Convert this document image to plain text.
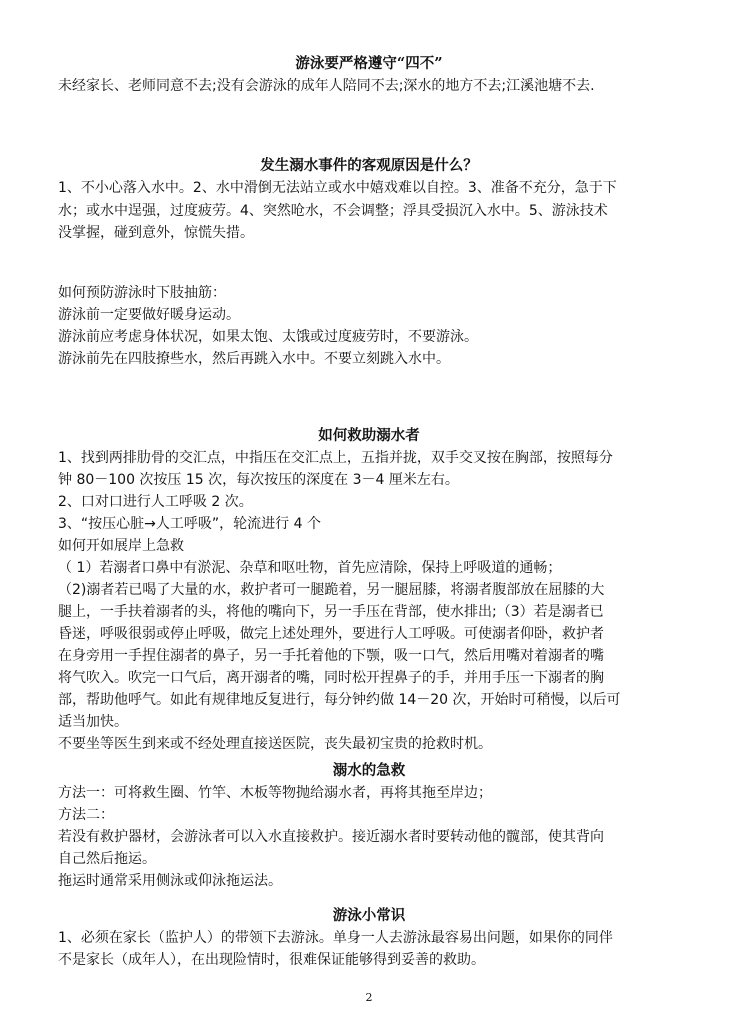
游泳要严格遵守“四不”
未经家长、老师同意不去;没有会游泳的成年人陪同不去;深水的地方不去;江溪池塘不去.
发生溺水事件的客观原因是什么？
1、不小心落入水中。2、水中滑倒无法站立或水中嬉戏难以自控。3、准备不充分，急于下
水；或水中逞强，过度疲劳。4、突然呛水，不会调整；浮具受损沉入水中。5、游泳技术
没掌握，碰到意外，惊慌失措。
如何预防游泳时下肢抽筋：
游泳前一定要做好暖身运动。
游泳前应考虑身体状况，如果太饱、太饿或过度疲劳时，不要游泳。
游泳前先在四肢撩些水，然后再跳入水中。不要立刻跳入水中。
如何救助溺水者
1、找到两排肋骨的交汇点，中指压在交汇点上，五指并拢，双手交叉按在胸部，按照每分
钟 80－100 次按压 15 次，每次按压的深度在 3－4 厘米左右。
2、口对口进行人工呼吸 2 次。
3、“按压心脏→人工呼吸”，轮流进行 4 个
如何开如展岸上急救
（ 1）若溺者口鼻中有淤泥、杂草和呕吐物，首先应清除，保持上呼吸道的通畅；
（2)溺者若已喝了大量的水，救护者可一腿跪着，另一腿屈膝，将溺者腹部放在屈膝的大
腿上，一手扶着溺者的头，将他的嘴向下，另一手压在背部，使水排出;（3）若是溺者已
昏迷，呼吸很弱或停止呼吸，做完上述处理外，要进行人工呼吸。可使溺者仰卧，救护者
在身旁用一手捏住溺者的鼻子，另一手托着他的下颚，吸一口气，然后用嘴对着溺者的嘴
将气吹入。吹完一口气后，离开溺者的嘴，同时松开捏鼻子的手，并用手压一下溺者的胸
部，帮助他呼气。如此有规律地反复进行，每分钟约做 14－20 次，开始时可稍慢，以后可
适当加快。
不要坐等医生到来或不经处理直接送医院，丧失最初宝贵的抢救时机。
溺水的急救
方法一：可将救生圈、竹竿、木板等物抛给溺水者，再将其拖至岸边；
方法二：
若没有救护器材，会游泳者可以入水直接救护。接近溺水者时要转动他的髋部，使其背向
自己然后拖运。
拖运时通常采用侧泳或仰泳拖运法。
游泳小常识
1、必须在家长（监护人）的带领下去游泳。单身一人去游泳最容易出问题，如果你的同伴
不是家长（成年人），在出现险情时，很难保证能够得到妥善的救助。
2
